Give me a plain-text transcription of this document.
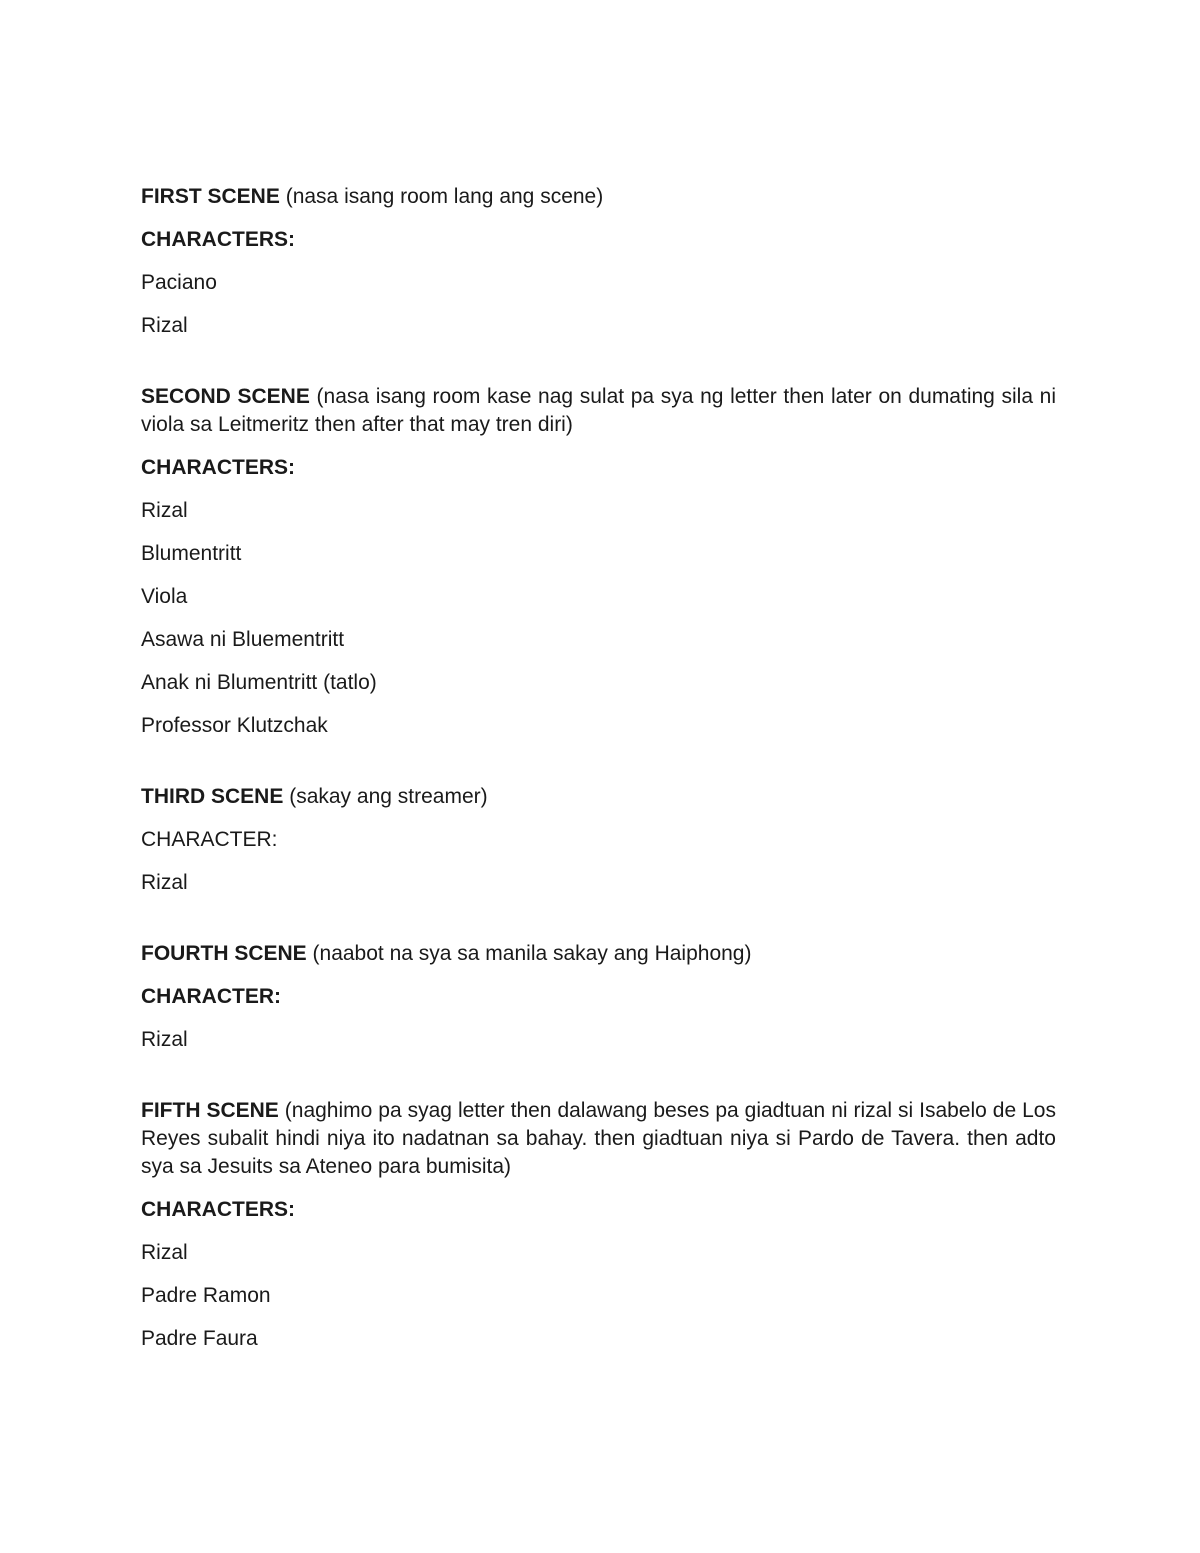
FIRST SCENE (nasa isang room lang ang scene)

CHARACTERS:

Paciano
Rizal

SECOND SCENE (nasa isang room kase nag sulat pa sya ng letter then later on dumating sila ni viola sa Leitmeritz then after that may tren diri)

CHARACTERS:

Rizal
Blumentritt
Viola
Asawa ni Bluementritt
Anak ni Blumentritt (tatlo)
Professor Klutzchak

THIRD SCENE (sakay ang streamer)

CHARACTER:

Rizal

FOURTH SCENE (naabot na sya sa manila sakay ang Haiphong)

CHARACTER:

Rizal

FIFTH SCENE (naghimo pa syag letter then dalawang beses pa giadtuan ni rizal si Isabelo de Los Reyes subalit hindi niya ito nadatnan sa bahay. then giadtuan niya si Pardo de Tavera. then adto sya sa Jesuits sa Ateneo para bumisita)

CHARACTERS:

Rizal
Padre Ramon
Padre Faura
